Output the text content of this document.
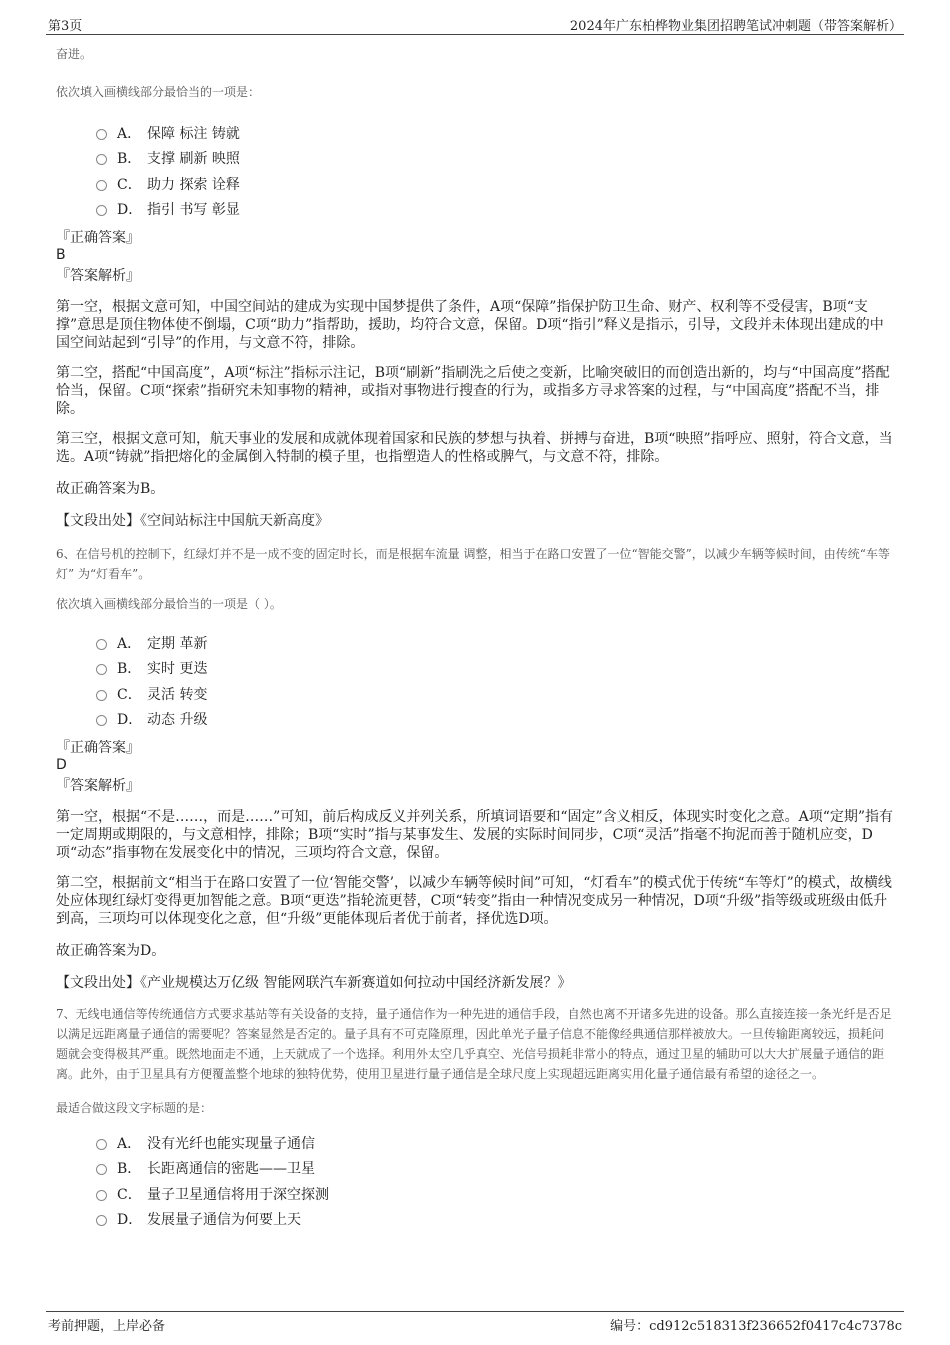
第3页	2024年广东柏桦物业集团招聘笔试冲刺题（带答案解析）
奋进。
依次填入画横线部分最恰当的一项是：
A． 保障 标注 铸就
B． 支撑 刷新 映照
C． 助力 探索 诠释
D． 指引 书写 彰显
『正确答案』
B
『答案解析』
第一空，根据文意可知，中国空间站的建成为实现中国梦提供了条件，A项“保障”指保护防卫生命、财产、权利等不受侵害，B项“支撑”意思是顶住物体使不倒塌，C项“助力”指帮助，援助，均符合文意，保留。D项“指引”释义是指示，引导，文段并未体现出建成的中国空间站起到“引导”的作用，与文意不符，排除。
第二空，搭配“中国高度”，A项“标注”指标示注记，B项“刷新”指刷洗之后使之变新，比喻突破旧的而创造出新的，均与“中国高度”搭配恰当，保留。C项“探索”指研究未知事物的精神，或指对事物进行搜查的行为，或指多方寻求答案的过程，与“中国高度”搭配不当，排除。
第三空，根据文意可知，航天事业的发展和成就体现着国家和民族的梦想与执着、拼搏与奋进，B项“映照”指呼应、照射，符合文意，当选。A项“铸就”指把熔化的金属倒入特制的模子里，也指塑造人的性格或脾气，与文意不符，排除。
故正确答案为B。
【文段出处】《空间站标注中国航天新高度》
6、在信号机的控制下，红绿灯并不是一成不变的固定时长，而是根据车流量 调整，相当于在路口安置了一位“智能交警”，以减少车辆等候时间，由传统“车等灯” 为“灯看车”。
依次填入画横线部分最恰当的一项是（ ）。
A． 定期 革新
B． 实时 更迭
C． 灵活 转变
D． 动态 升级
『正确答案』
D
『答案解析』
第一空，根据“不是……，而是……”可知，前后构成反义并列关系，所填词语要和“固定”含义相反，体现实时变化之意。A项“定期”指有一定周期或期限的，与文意相悖，排除；B项“实时”指与某事发生、发展的实际时间同步，C项“灵活”指毫不拘泥而善于随机应变，D项“动态”指事物在发展变化中的情况，三项均符合文意，保留。
第二空，根据前文“相当于在路口安置了一位‘智能交警’，以减少车辆等候时间”可知，“灯看车”的模式优于传统“车等灯”的模式，故横线处应体现红绿灯变得更加智能之意。B项“更迭”指轮流更替，C项“转变”指由一种情况变成另一种情况，D项“升级”指等级或班级由低升到高，三项均可以体现变化之意，但“升级”更能体现后者优于前者，择优选D项。
故正确答案为D。
【文段出处】《产业规模达万亿级 智能网联汽车新赛道如何拉动中国经济新发展？》
7、无线电通信等传统通信方式要求基站等有关设备的支持，量子通信作为一种先进的通信手段，自然也离不开诸多先进的设备。那么直接连接一条光纤是否足以满足远距离量子通信的需要呢？答案显然是否定的。量子具有不可克隆原理，因此单光子量子信息不能像经典通信那样被放大。一旦传输距离较远，损耗问题就会变得极其严重。既然地面走不通，上天就成了一个选择。利用外太空几乎真空、光信号损耗非常小的特点，通过卫星的辅助可以大大扩展量子通信的距离。此外，由于卫星具有方便覆盖整个地球的独特优势，使用卫星进行量子通信是全球尺度上实现超远距离实用化量子通信最有希望的途径之一。
最适合做这段文字标题的是：
A． 没有光纤也能实现量子通信
B． 长距离通信的密匙——卫星
C． 量子卫星通信将用于深空探测
D． 发展量子通信为何要上天
考前押题，上岸必备	编号：cd912c518313f236652f0417c4c7378c
